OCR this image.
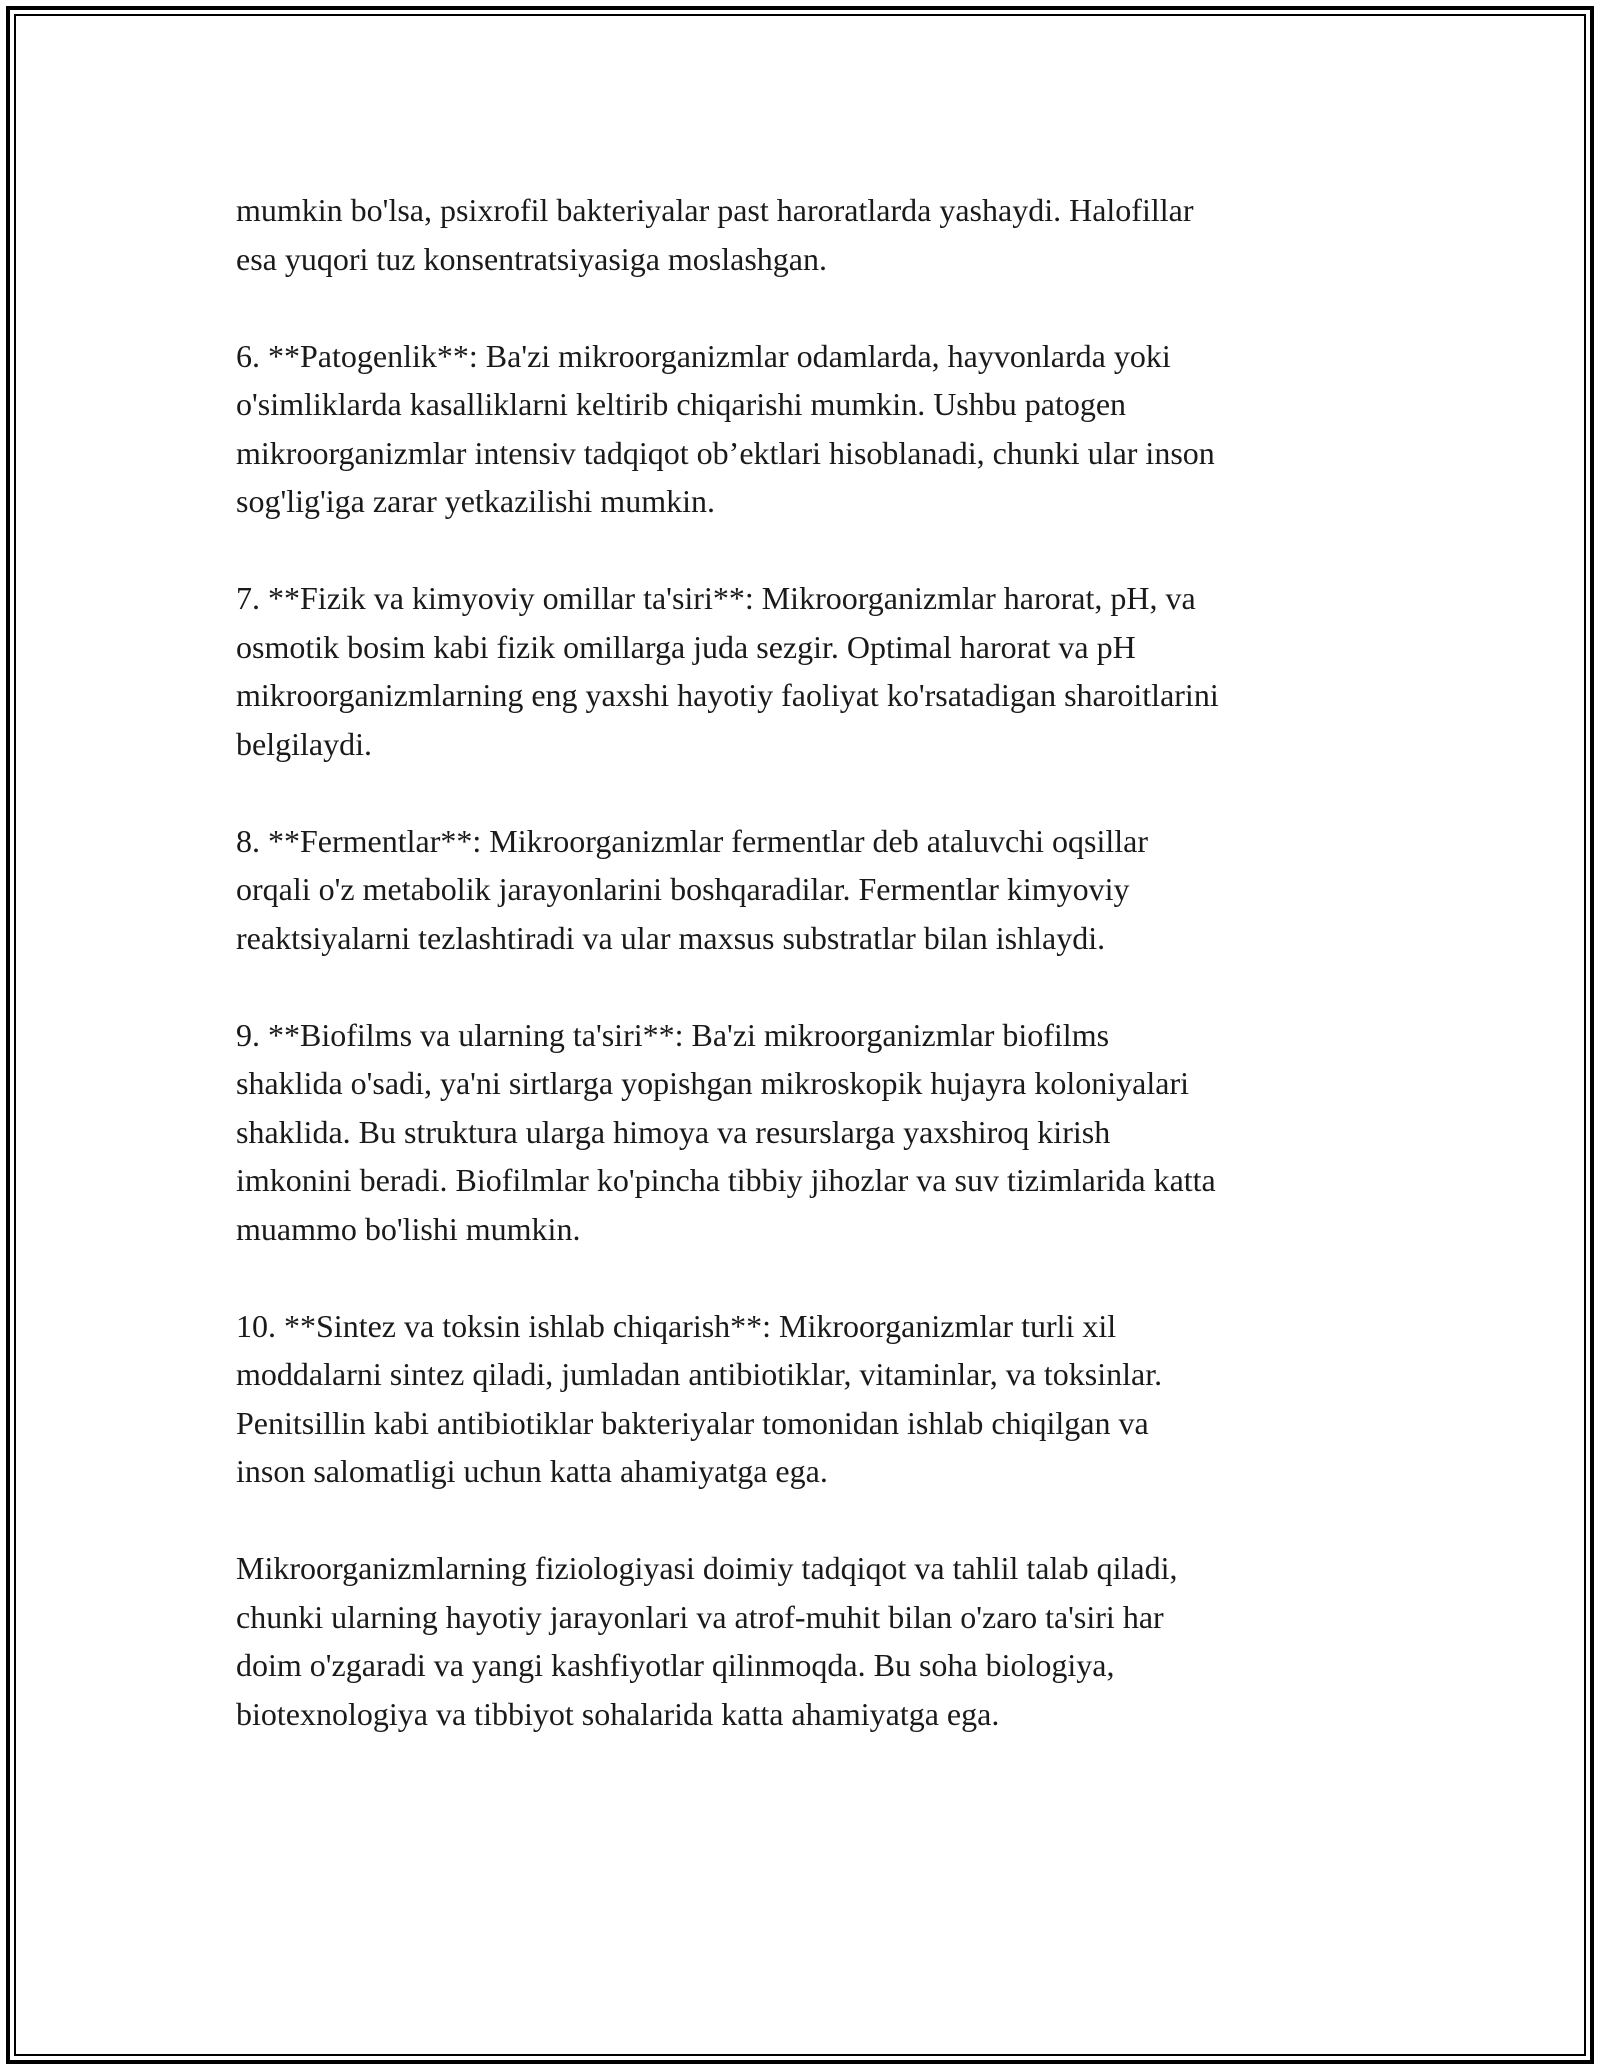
mumkin bo'lsa, psixrofil bakteriyalar past haroratlarda yashaydi. Halofillar
esa yuqori tuz konsentratsiyasiga moslashgan.

6. **Patogenlik**: Ba'zi mikroorganizmlar odamlarda, hayvonlarda yoki
o'simliklarda kasalliklarni keltirib chiqarishi mumkin. Ushbu patogen
mikroorganizmlar intensiv tadqiqot ob’ektlari hisoblanadi, chunki ular inson
sog'lig'iga zarar yetkazilishi mumkin.

7. **Fizik va kimyoviy omillar ta'siri**: Mikroorganizmlar harorat, pH, va
osmotik bosim kabi fizik omillarga juda sezgir. Optimal harorat va pH
mikroorganizmlarning eng yaxshi hayotiy faoliyat ko'rsatadigan sharoitlarini
belgilaydi.

8. **Fermentlar**: Mikroorganizmlar fermentlar deb ataluvchi oqsillar
orqali o'z metabolik jarayonlarini boshqaradilar. Fermentlar kimyoviy
reaktsiyalarni tezlashtiradi va ular maxsus substratlar bilan ishlaydi.

9. **Biofilms va ularning ta'siri**: Ba'zi mikroorganizmlar biofilms
shaklida o'sadi, ya'ni sirtlarga yopishgan mikroskopik hujayra koloniyalari
shaklida. Bu struktura ularga himoya va resurslarga yaxshiroq kirish
imkonini beradi. Biofilmlar ko'pincha tibbiy jihozlar va suv tizimlarida katta
muammo bo'lishi mumkin.

10. **Sintez va toksin ishlab chiqarish**: Mikroorganizmlar turli xil
moddalarni sintez qiladi, jumladan antibiotiklar, vitaminlar, va toksinlar.
Penitsillin kabi antibiotiklar bakteriyalar tomonidan ishlab chiqilgan va
inson salomatligi uchun katta ahamiyatga ega.

Mikroorganizmlarning fiziologiyasi doimiy tadqiqot va tahlil talab qiladi,
chunki ularning hayotiy jarayonlari va atrof-muhit bilan o'zaro ta'siri har
doim o'zgaradi va yangi kashfiyotlar qilinmoqda. Bu soha biologiya,
biotexnologiya va tibbiyot sohalarida katta ahamiyatga ega.
